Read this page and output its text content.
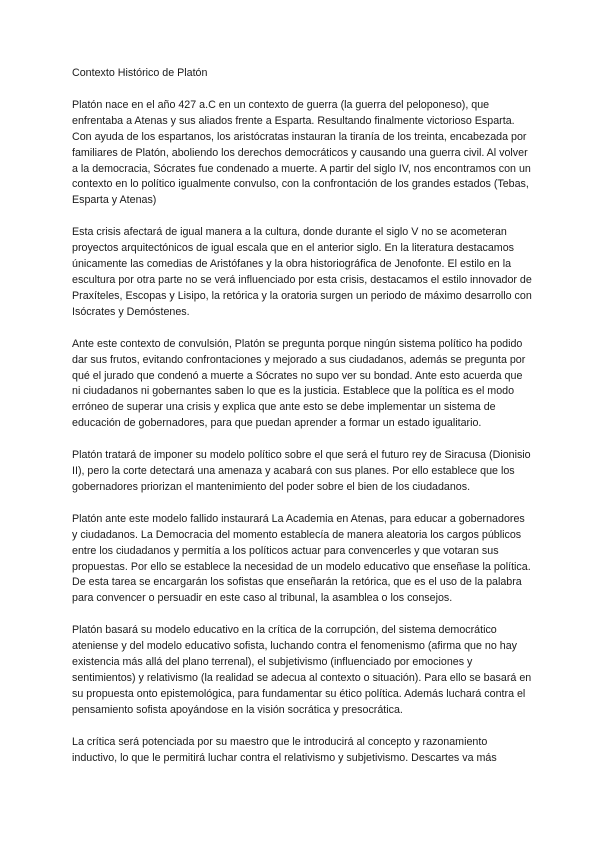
Contexto Histórico de Platón

Platón nace en el año 427 a.C en un contexto de guerra (la guerra del peloponeso), que enfrentaba a Atenas y sus aliados frente a Esparta. Resultando finalmente victorioso Esparta. Con ayuda de los espartanos, los aristócratas instauran la tiranía de los treinta, encabezada por familiares de Platón, aboliendo los derechos democráticos y causando una guerra civil. Al volver a la democracia, Sócrates fue condenado a muerte. A partir del siglo IV, nos encontramos con un contexto en lo político igualmente convulso, con la confrontación de los grandes estados (Tebas, Esparta y Atenas)

Esta crisis afectará de igual manera a la cultura, donde durante el siglo V no se acometeran proyectos arquitectónicos de igual escala que en el anterior siglo. En la literatura destacamos únicamente las comedias de Aristófanes y la obra historiográfica de Jenofonte. El estilo en la escultura por otra parte no se verá influenciado por esta crisis, destacamos el estilo innovador de Praxíteles, Escopas y Lisipo, la retórica y la oratoria surgen un periodo de máximo desarrollo con Isócrates y Demóstenes.

Ante este contexto de convulsión, Platón se pregunta porque ningún sistema político ha podido dar sus frutos, evitando confrontaciones y mejorado a sus ciudadanos, además se pregunta por qué el jurado que condenó a muerte a Sócrates no supo ver su bondad. Ante esto acuerda que ni ciudadanos ni gobernantes saben lo que es la justicia. Establece que la política es el modo erróneo de superar una crisis y explica que ante esto se debe implementar un sistema de educación de gobernadores, para que puedan aprender a formar un estado igualitario.

Platón tratará de imponer su modelo político sobre el que será el futuro rey de Siracusa (Dionisio II), pero la corte detectará una amenaza y acabará con sus planes. Por ello establece que los gobernadores priorizan el mantenimiento del poder sobre el bien de los ciudadanos.

Platón ante este modelo fallido instaurará La Academia en Atenas, para educar a gobernadores y ciudadanos. La Democracia del momento establecía de manera aleatoria los cargos públicos entre los ciudadanos y permitía a los políticos actuar para convencerles y que votaran sus propuestas. Por ello se establece la necesidad de un modelo educativo que enseñase la política. De esta tarea se encargarán los sofistas que enseñarán la retórica, que es el uso de la palabra para convencer o persuadir en este caso al tribunal, la asamblea o los consejos.

Platón basará su modelo educativo en la crítica de la corrupción, del sistema democrático ateniense y del modelo educativo sofista, luchando contra el fenomenismo (afirma que no hay existencia más allá del plano terrenal), el subjetivismo (influenciado por emociones y sentimientos) y relativismo (la realidad se adecua al contexto o situación). Para ello se basará en su propuesta onto epistemológica, para fundamentar su ético política. Además luchará contra el pensamiento sofista apoyándose en la visión socrática y presocrática.

La crítica será potenciada por su maestro que le introducirá al concepto y razonamiento inductivo, lo que le permitirá luchar contra el relativismo y subjetivismo. Descartes va más
